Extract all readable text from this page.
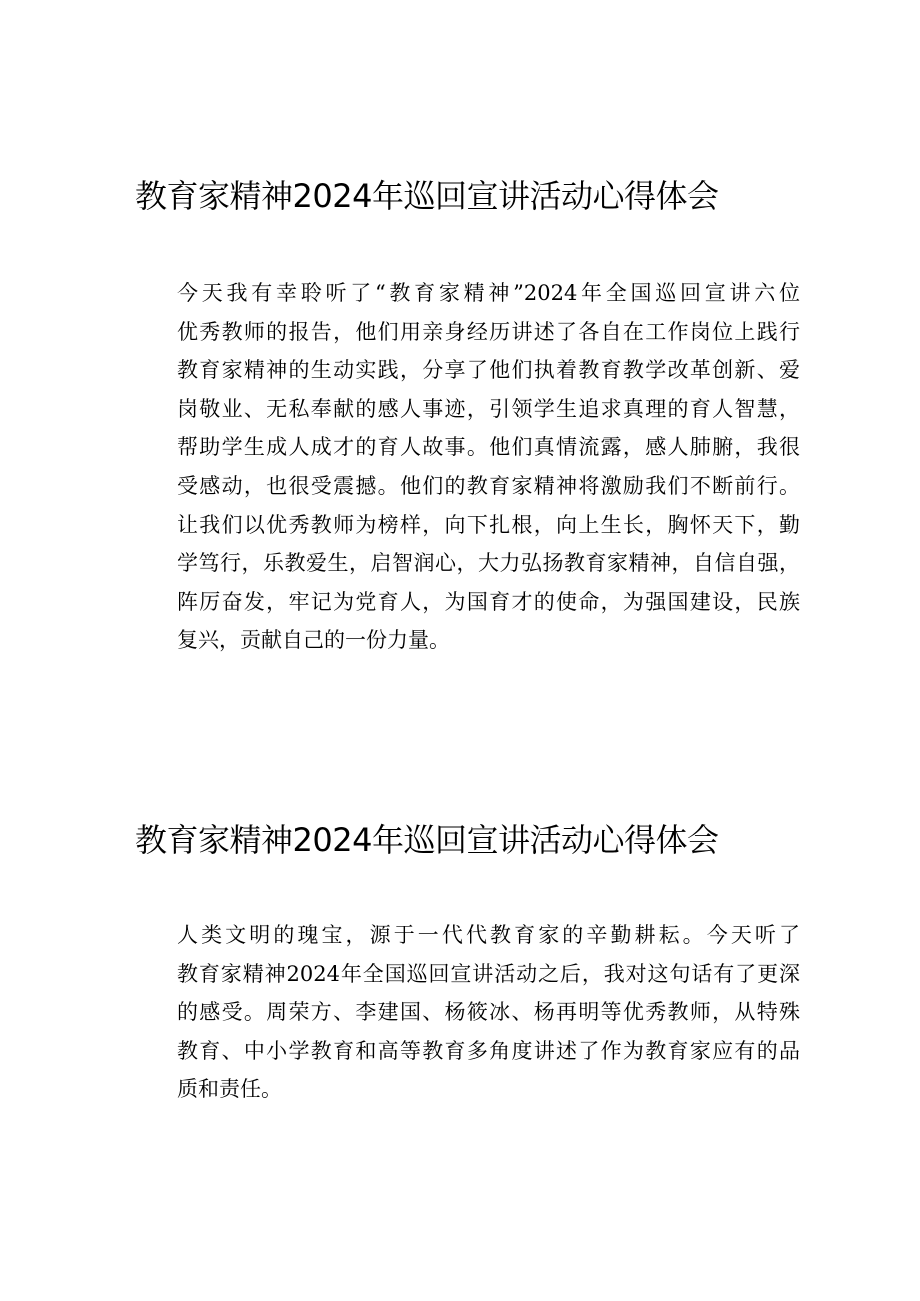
教育家精神2024年巡回宣讲活动心得体会

今天我有幸聆听了“教育家精神”2024年全国巡回宣讲六位
优秀教师的报告，他们用亲身经历讲述了各自在工作岗位上践行
教育家精神的生动实践，分享了他们执着教育教学改革创新、爱
岗敬业、无私奉献的感人事迹，引领学生追求真理的育人智慧，
帮助学生成人成才的育人故事。他们真情流露，感人肺腑，我很
受感动，也很受震撼。他们的教育家精神将激励我们不断前行。
让我们以优秀教师为榜样，向下扎根，向上生长，胸怀天下，勤
学笃行，乐教爱生，启智润心，大力弘扬教育家精神，自信自强，
阵厉奋发，牢记为党育人，为国育才的使命，为强国建设，民族
复兴，贡献自己的一份力量。

教育家精神2024年巡回宣讲活动心得体会

人类文明的瑰宝，源于一代代教育家的辛勤耕耘。今天听了
教育家精神2024年全国巡回宣讲活动之后，我对这句话有了更深
的感受。周荣方、李建国、杨筱冰、杨再明等优秀教师，从特殊
教育、中小学教育和高等教育多角度讲述了作为教育家应有的品
质和责任。
